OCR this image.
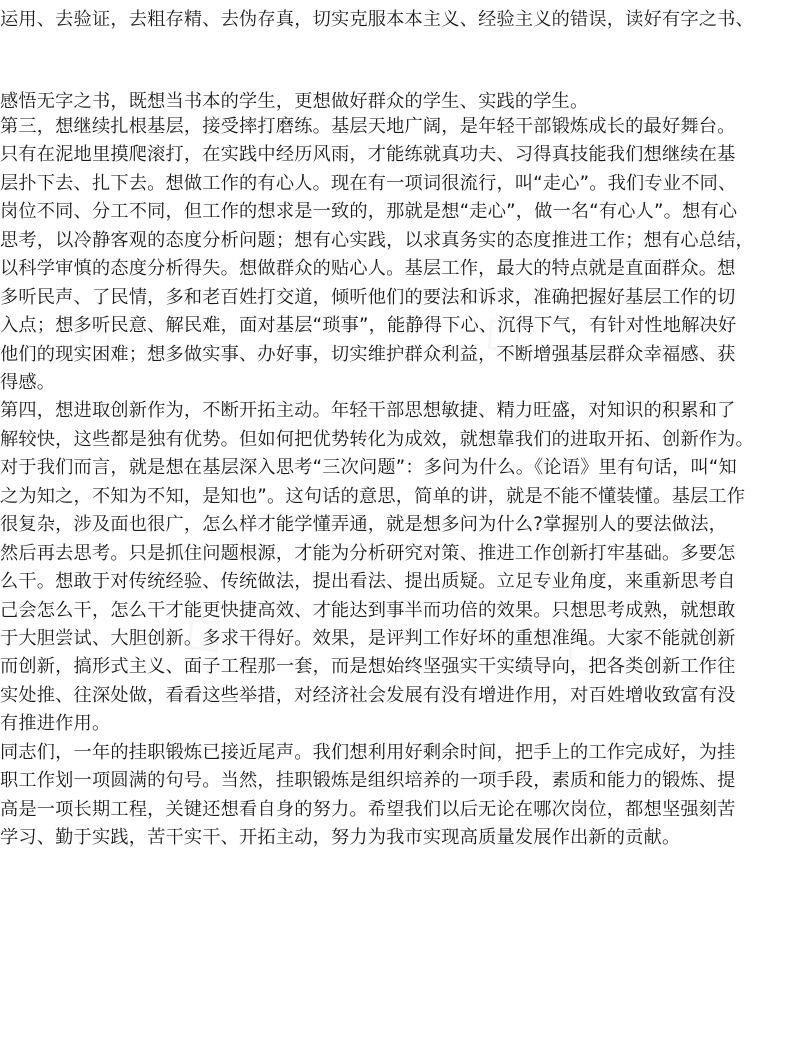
运用、去验证，去粗存精、去伪存真，切实克服本本主义、经验主义的错误，读好有字之书、
感悟无字之书，既想当书本的学生，更想做好群众的学生、实践的学生。
第三，想继续扎根基层，接受摔打磨练。基层天地广阔，是年轻干部锻炼成长的最好舞台。
只有在泥地里摸爬滚打，在实践中经历风雨，才能练就真功夫、习得真技能我们想继续在基
层扑下去、扎下去。想做工作的有心人。现在有一项词很流行，叫“走心”。我们专业不同、
岗位不同、分工不同，但工作的想求是一致的，那就是想“走心”，做一名“有心人”。想有心
思考，以冷静客观的态度分析问题；想有心实践，以求真务实的态度推进工作；想有心总结，
以科学审慎的态度分析得失。想做群众的贴心人。基层工作，最大的特点就是直面群众。想
多听民声、了民情，多和老百姓打交道，倾听他们的要法和诉求，准确把握好基层工作的切
入点；想多听民意、解民难，面对基层“琐事”，能静得下心、沉得下气，有针对性地解决好
他们的现实困难；想多做实事、办好事，切实维护群众利益，不断增强基层群众幸福感、获
得感。
第四，想进取创新作为，不断开拓主动。年轻干部思想敏捷、精力旺盛，对知识的积累和了
解较快，这些都是独有优势。但如何把优势转化为成效，就想靠我们的进取开拓、创新作为。
对于我们而言，就是想在基层深入思考“三次问题”：多问为什么。《论语》里有句话，叫“知
之为知之，不知为不知，是知也”。这句话的意思，简单的讲，就是不能不懂装懂。基层工作
很复杂，涉及面也很广，怎么样才能学懂弄通，就是想多问为什么?掌握别人的要法做法，
然后再去思考。只是抓住问题根源，才能为分析研究对策、推进工作创新打牢基础。多要怎
么干。想敢于对传统经验、传统做法，提出看法、提出质疑。立足专业角度，来重新思考自
己会怎么干，怎么干才能更快捷高效、才能达到事半而功倍的效果。只想思考成熟，就想敢
于大胆尝试、大胆创新。多求干得好。效果，是评判工作好坏的重想准绳。大家不能就创新
而创新，搞形式主义、面子工程那一套，而是想始终坚强实干实绩导向，把各类创新工作往
实处推、往深处做，看看这些举措，对经济社会发展有没有增进作用，对百姓增收致富有没
有推进作用。
同志们，一年的挂职锻炼已接近尾声。我们想利用好剩余时间，把手上的工作完成好，为挂
职工作划一项圆满的句号。当然，挂职锻炼是组织培养的一项手段，素质和能力的锻炼、提
高是一项长期工程，关键还想看自身的努力。希望我们以后无论在哪次岗位，都想坚强刻苦
学习、勤于实践，苦干实干、开拓主动，努力为我市实现高质量发展作出新的贡献。
